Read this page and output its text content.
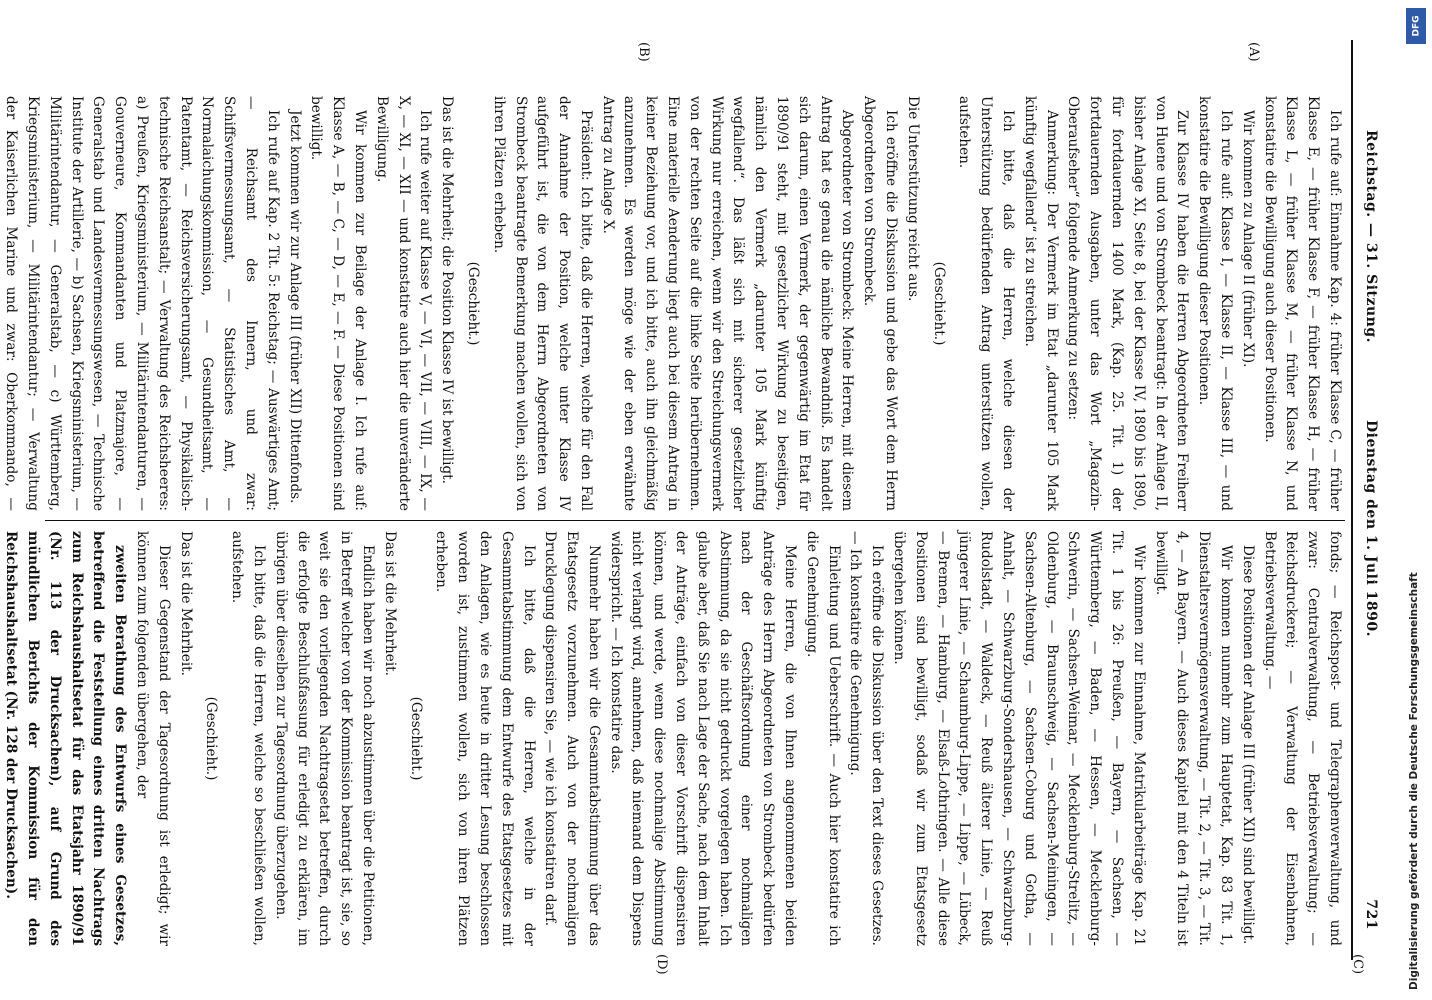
Reichstag. — 31. Sitzung.
Dienstag den 1. Juli 1890.
721
(A)
(B)
(C)
(D)

Ich rufe auf: Einnahme Kap. 4: früher Klasse C, — früher Klasse E, — früher Klasse F, — früher Klasse H, — früher Klasse L, — früher Klasse M, — früher Klasse N, und konstatire die Bewilligung auch dieser Positionen.

Wir kommen zu Anlage II (früher XI).

Ich rufe auf: Klasse I, — Klasse II, — Klasse III, — und konstatire die Bewilligung dieser Positionen.

Zur Klasse IV haben die Herren Abgeordneten Freiherr von Huene und von Strombeck beantragt: In der Anlage II, bisher Anlage XI, Seite 8, bei der Klasse IV, 1890 bis 1890, für fortdauernden 1400 Mark, (Kap. 25. Tit. 1) der fortdauernden Ausgaben, unter das Wort „Magazin-Oberaufseher“ folgende Anmerkung zu setzen:

Anmerkung: Der Vermerk im Etat „darunter 105 Mark künftig wegfallend“ ist zu streichen.

Ich bitte, daß die Herren, welche diesen der Unterstützung bedürfenden Antrag unterstützen wollen, aufstehen.

(Geschieht.)

Die Unterstützung reicht aus.

Ich eröffne die Diskussion und gebe das Wort dem Herrn Abgeordneten von Strombeck.

Abgeordneter von Strombeck: Meine Herren, mit diesem Antrag hat es genau die nämliche Bewandniß. Es handelt sich darum, einen Vermerk, der gegenwärtig im Etat für 1890/91 steht, mit gesetzlicher Wirkung zu beseitigen, nämlich den Vermerk „darunter 105 Mark künftig wegfallend“. Das läßt sich mit sicherer gesetzlicher Wirkung nur erreichen, wenn wir den Streichungsvermerk von der rechten Seite auf die linke Seite herübernehmen. Eine materielle Aenderung liegt auch bei diesem Antrag in keiner Beziehung vor, und ich bitte, auch ihn gleichmäßig anzunehmen. Es werden möge wie der eben erwähnte Antrag zu Anlage X.

Präsident: Ich bitte, daß die Herren, welche für den Fall der Annahme der Position, welche unter Klasse IV aufgeführt ist, die von dem Herrn Abgeordneten von Strombeck beantragte Bemerkung machen wollen, sich von ihren Plätzen erheben.

(Geschieht.)

Das ist die Mehrheit; die Position Klasse IV ist bewilligt.

Ich rufe weiter auf Klasse V, — VI, — VII, — VIII, — IX, — X, — XI, — XII — und konstatire auch hier die unveränderte Bewilligung.

Wir kommen zur Beilage der Anlage I. Ich rufe auf: Klasse A, — B, — C, — D, — E, — F. — Diese Positionen sind bewilligt.

Jetzt kommen wir zur Anlage III (früher XII) Dittenfonds.

Ich rufe auf Kap. 2 Tit. 5: Reichstag; — Auswärtiges Amt; — Reichsamt des Innern, und zwar: Schiffsvermessungsamt, — Statistisches Amt, — Normalaichungskommission, — Gesundheitsamt, — Patentamt, — Reichsversicherungsamt, — Physikalisch-technische Reichsanstalt; — Verwaltung des Reichsheeres: a) Preußen, Kriegsministerium, — Militärintendanturen, — Gouverneure, Kommandanten und Platzmajore, — Generalstab und Landesvermessungswesen, — Technische Institute der Artillerie, — b) Sachsen, Kriegsministerium, — Militärintendantur, — Generalstab, — c) Württemberg, Kriegsministerium, — Militärintendantur; — Verwaltung der Kaiserlichen Marine und zwar: Oberkommando, —

fonds; — Reichspost- und Telegraphenverwaltung, und zwar: Centralverwaltung, — Betriebsverwaltung; — Reichsdruckerei; — Verwaltung der Eisenbahnen, Betriebsverwaltung. —

Diese Positionen der Anlage III (früher XII) sind bewilligt.

Wir kommen nunmehr zum Hauptetat, Kap. 83 Tit. 1, Dienstaltersvermögensverwaltung, — Tit. 2, — Tit. 3, — Tit. 4, — An Bayern. — Auch dieses Kapitel mit den 4 Titeln ist bewilligt.

Wir kommen zur Einnahme, Matrikularbeiträge Kap. 21 Tit. 1 bis 26: Preußen, — Bayern, — Sachsen, — Württemberg, — Baden, — Hessen, — Mecklenburg-Schwerin, — Sachsen-Weimar, — Mecklenburg-Strelitz, — Oldenburg, — Braunschweig, — Sachsen-Meiningen, — Sachsen-Altenburg, — Sachsen-Coburg und Gotha, — Anhalt, — Schwarzburg-Sondershausen, — Schwarzburg-Rudolstadt, — Waldeck, — Reuß älterer Linie, — Reuß jüngerer Linie, — Schaumburg-Lippe, — Lippe, — Lübeck, — Bremen, — Hamburg, — Elsaß-Lothringen. — Alle diese Positionen sind bewilligt, sodaß wir zum Etatsgesetz übergehen können.

Ich eröffne die Diskussion über den Text dieses Gesetzes. — Ich konstatire die Genehmigung.

Einleitung und Ueberschrift. — Auch hier konstatire ich die Genehmigung.

Meine Herren, die von Ihnen angenommenen beiden Anträge des Herrn Abgeordneten von Strombeck bedürfen nach der Geschäftsordnung einer nochmaligen Abstimmung, da sie nicht gedruckt vorgelegen haben. Ich glaube aber, daß Sie nach Lage der Sache, nach dem Inhalt der Anträge, einfach von dieser Vorschrift dispensiren können, und werde, wenn diese nochmalige Abstimmung nicht verlangt wird, annehmen, daß niemand dem Dispens widerspricht. — Ich konstatire das.

Nunmehr haben wir die Gesammtabstimmung über das Etatsgesetz vorzunehmen. Auch von der nochmaligen Drucklegung dispensiren Sie, — wie ich konstatiren darf.

Ich bitte, daß die Herren, welche in der Gesammtabstimmung dem Entwurfe des Etatsgesetzes mit den Anlagen, wie es heute in dritter Lesung beschlossen worden ist, zustimmen wollen, sich von ihren Plätzen erheben.

(Geschieht.)

Das ist die Mehrheit.

Endlich haben wir noch abzustimmen über die Petitionen, in Betreff welcher von der Kommission beantragt ist, sie, so weit sie den vorliegenden Nachtragsetat betreffen, durch die erfolgte Beschlußfassung für erledigt zu erklären, im übrigen über dieselben zur Tagesordnung überzugehen.

Ich bitte, daß die Herren, welche so beschließen wollen, aufstehen.

(Geschieht.)

Das ist die Mehrheit.

Dieser Gegenstand der Tagesordnung ist erledigt; wir können zum folgenden übergehen, der

zweiten Berathung des Entwurfs eines Gesetzes, betreffend die Feststellung eines dritten Nachtrags zum Reichshaushaltsetat für das Etatsjahr 1890/91 (Nr. 113 der Drucksachen), auf Grund des mündlichen Berichts der Kommission für den Reichshaushaltsetat (Nr. 128 der Drucksachen).

DFG
Digitalisierung gefördert durch die Deutsche Forschungsgemeinschaft
